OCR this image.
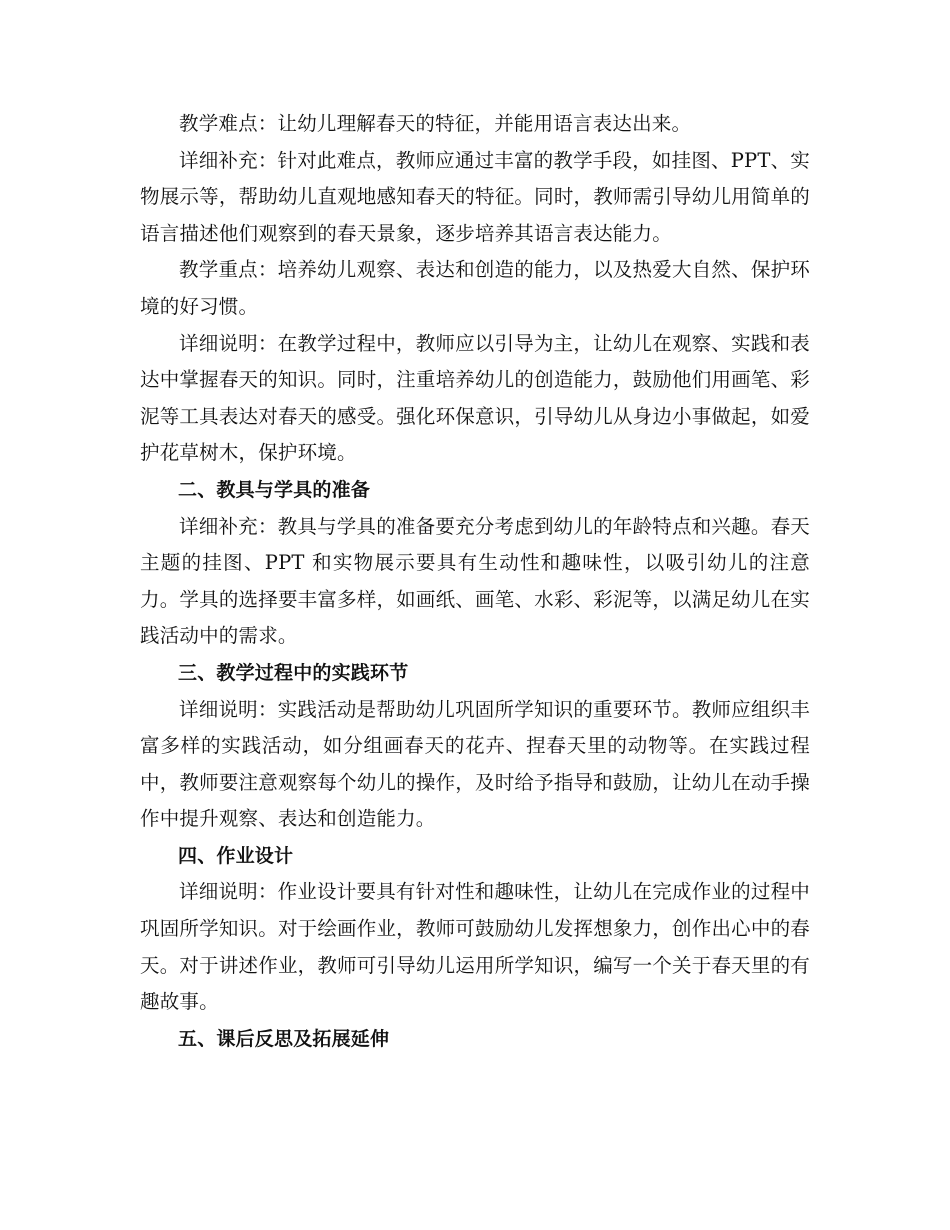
教学难点：让幼儿理解春天的特征，并能用语言表达出来。

详细补充：针对此难点，教师应通过丰富的教学手段，如挂图、PPT、实物展示等，帮助幼儿直观地感知春天的特征。同时，教师需引导幼儿用简单的语言描述他们观察到的春天景象，逐步培养其语言表达能力。

教学重点：培养幼儿观察、表达和创造的能力，以及热爱大自然、保护环境的好习惯。

详细说明：在教学过程中，教师应以引导为主，让幼儿在观察、实践和表达中掌握春天的知识。同时，注重培养幼儿的创造能力，鼓励他们用画笔、彩泥等工具表达对春天的感受。强化环保意识，引导幼儿从身边小事做起，如爱护花草树木，保护环境。

二、教具与学具的准备

详细补充：教具与学具的准备要充分考虑到幼儿的年龄特点和兴趣。春天主题的挂图、PPT 和实物展示要具有生动性和趣味性，以吸引幼儿的注意力。学具的选择要丰富多样，如画纸、画笔、水彩、彩泥等，以满足幼儿在实践活动中的需求。

三、教学过程中的实践环节

详细说明：实践活动是帮助幼儿巩固所学知识的重要环节。教师应组织丰富多样的实践活动，如分组画春天的花卉、捏春天里的动物等。在实践过程中，教师要注意观察每个幼儿的操作，及时给予指导和鼓励，让幼儿在动手操作中提升观察、表达和创造能力。

四、作业设计

详细说明：作业设计要具有针对性和趣味性，让幼儿在完成作业的过程中巩固所学知识。对于绘画作业，教师可鼓励幼儿发挥想象力，创作出心中的春天。对于讲述作业，教师可引导幼儿运用所学知识，编写一个关于春天里的有趣故事。

五、课后反思及拓展延伸
